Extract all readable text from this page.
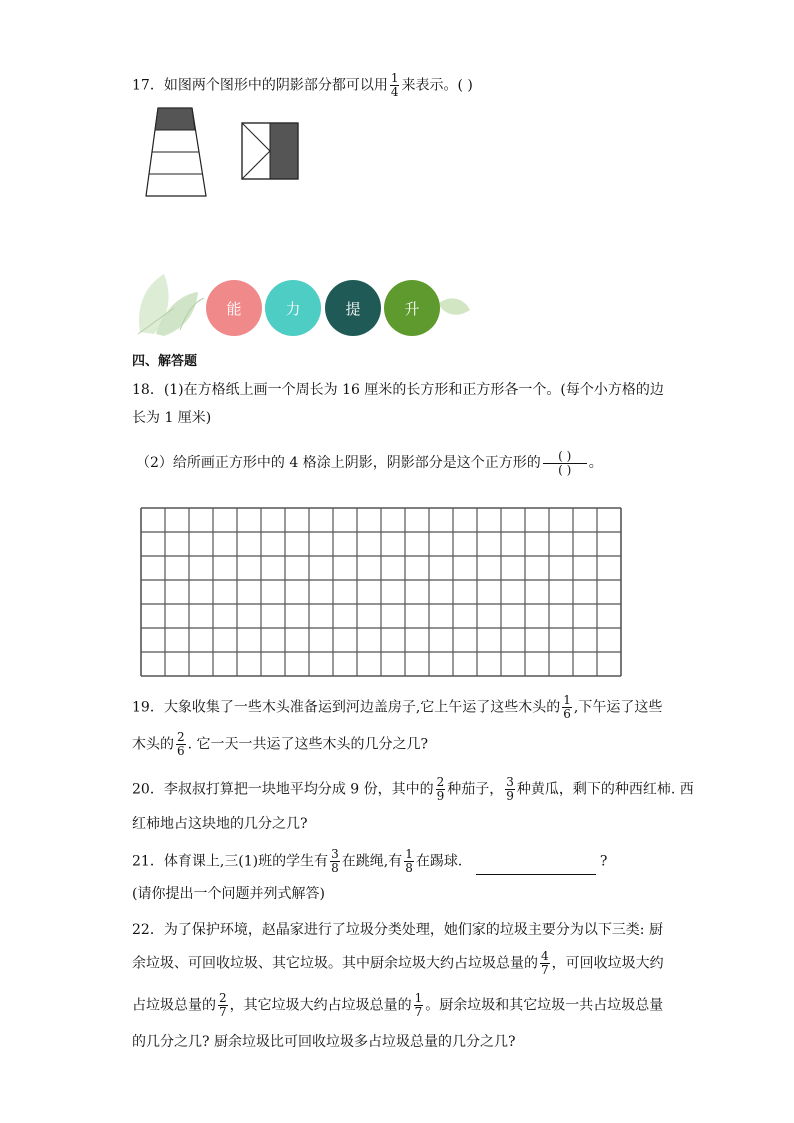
17．如图两个图形中的阴影部分都可以用 $\frac{1}{4}$ 来表示。( )
能	力	提	升
四、解答题
18．(1)在方格纸上画一个周长为 16 厘米的长方形和正方形各一个。(每个小方格的边
长为 1 厘米)
（2）给所画正方形中的 4 格涂上阴影，阴影部分是这个正方形的 $\frac{( )}{( )}$ 。
19．大象收集了一些木头准备运到河边盖房子,它上午运了这些木头的 $\frac{1}{6}$ ,下午运了这些
木头的 $\frac{2}{6}$ . 它一天一共运了这些木头的几分之几?
20．李叔叔打算把一块地平均分成 9 份，其中的 $\frac{2}{9}$ 种茄子， $\frac{3}{9}$ 种黄瓜，剩下的种西红柿. 西
红柿地占这块地的几分之几?
21．体育课上,三(1)班的学生有 $\frac{3}{8}$ 在跳绳,有 $\frac{1}{8}$ 在踢球．	?
(请你提出一个问题并列式解答)
22．为了保护环境，赵晶家进行了垃圾分类处理，她们家的垃圾主要分为以下三类: 厨
余垃圾、可回收垃圾、其它垃圾。其中厨余垃圾大约占垃圾总量的 $\frac{4}{7}$ ，可回收垃圾大约
占垃圾总量的 $\frac{2}{7}$ ，其它垃圾大约占垃圾总量的 $\frac{1}{7}$ 。厨余垃圾和其它垃圾一共占垃圾总量
的几分之几? 厨余垃圾比可回收垃圾多占垃圾总量的几分之几?
